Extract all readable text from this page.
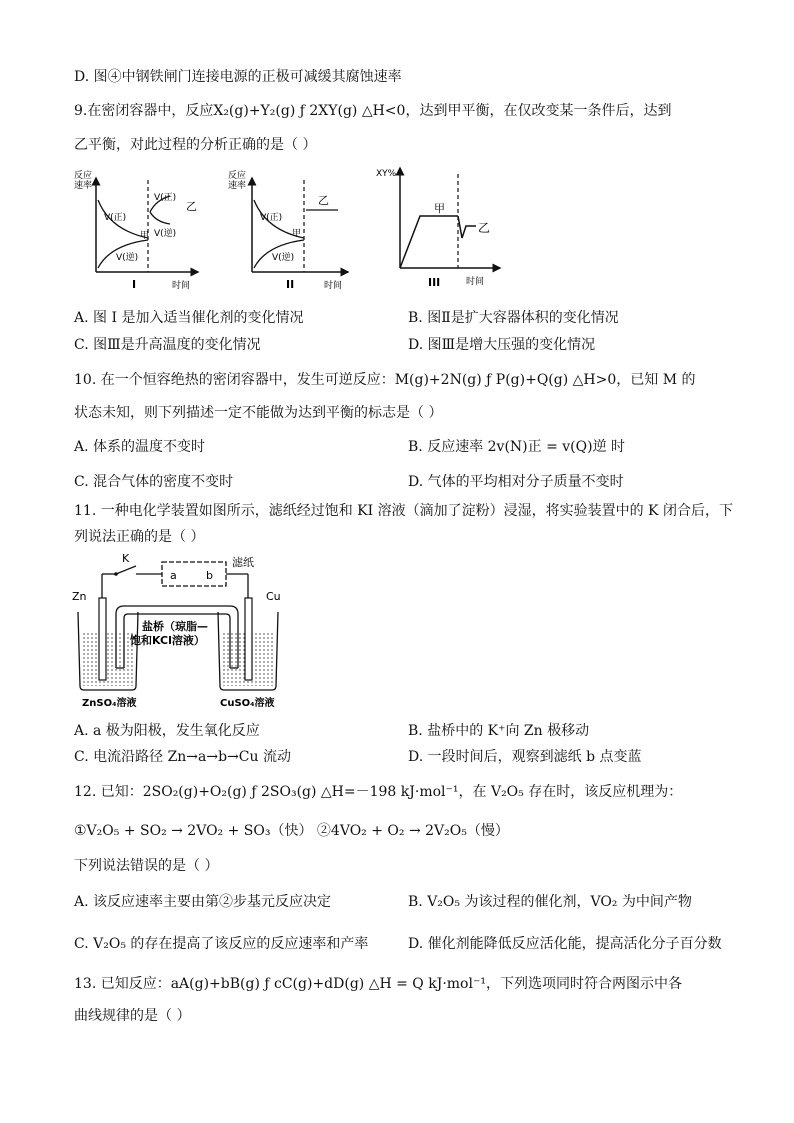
D. 图④中钢铁闸门连接电源的正极可减缓其腐蚀速率
9.在密闭容器中，反应X₂(g)+Y₂(g) ƒ 2XY(g) △H<0，达到甲平衡，在仅改变某一条件后，达到
乙平衡，对此过程的分析正确的是（ ）
反应
速率
V(正)
V(逆)
甲
V(正)
V(逆)
乙
时间
I
反应
速率
V(正)
V(逆)
甲
乙
时间
II
XY%
甲
乙
时间
III
A. 图 I 是加入适当催化剂的变化情况	B. 图Ⅱ是扩大容器体积的变化情况
C. 图Ⅲ是升高温度的变化情况	D. 图Ⅲ是增大压强的变化情况
10. 在一个恒容绝热的密闭容器中，发生可逆反应：M(g)+2N(g) ƒ P(g)+Q(g) △H>0，已知 M 的
状态未知，则下列描述一定不能做为达到平衡的标志是（ ）
A. 体系的温度不变时	B. 反应速率 2v(N)正 = v(Q)逆 时
C. 混合气体的密度不变时	D. 气体的平均相对分子质量不变时
11. 一种电化学装置如图所示，滤纸经过饱和 KI 溶液（滴加了淀粉）浸湿，将实验装置中的 K 闭合后，下
列说法正确的是（ ）
K
a	b
滤纸
Zn	Cu
盐桥（琼脂—
饱和KCl溶液）
ZnSO₄溶液	CuSO₄溶液
A. a 极为阳极，发生氧化反应	B. 盐桥中的 K⁺向 Zn 极移动
C. 电流沿路径 Zn→a→b→Cu 流动	D. 一段时间后，观察到滤纸 b 点变蓝
12. 已知：2SO₂(g)+O₂(g) ƒ 2SO₃(g) △H=－198 kJ·mol⁻¹，在 V₂O₅ 存在时，该反应机理为：
①V₂O₅ + SO₂ → 2VO₂ + SO₃（快） ②4VO₂ + O₂ → 2V₂O₅（慢）
下列说法错误的是（ ）
A. 该反应速率主要由第②步基元反应决定	B. V₂O₅ 为该过程的催化剂，VO₂ 为中间产物
C. V₂O₅ 的存在提高了该反应的反应速率和产率	D. 催化剂能降低反应活化能，提高活化分子百分数
13. 已知反应：aA(g)+bB(g) ƒ cC(g)+dD(g) △H = Q kJ·mol⁻¹，下列选项同时符合两图示中各
曲线规律的是（ ）
